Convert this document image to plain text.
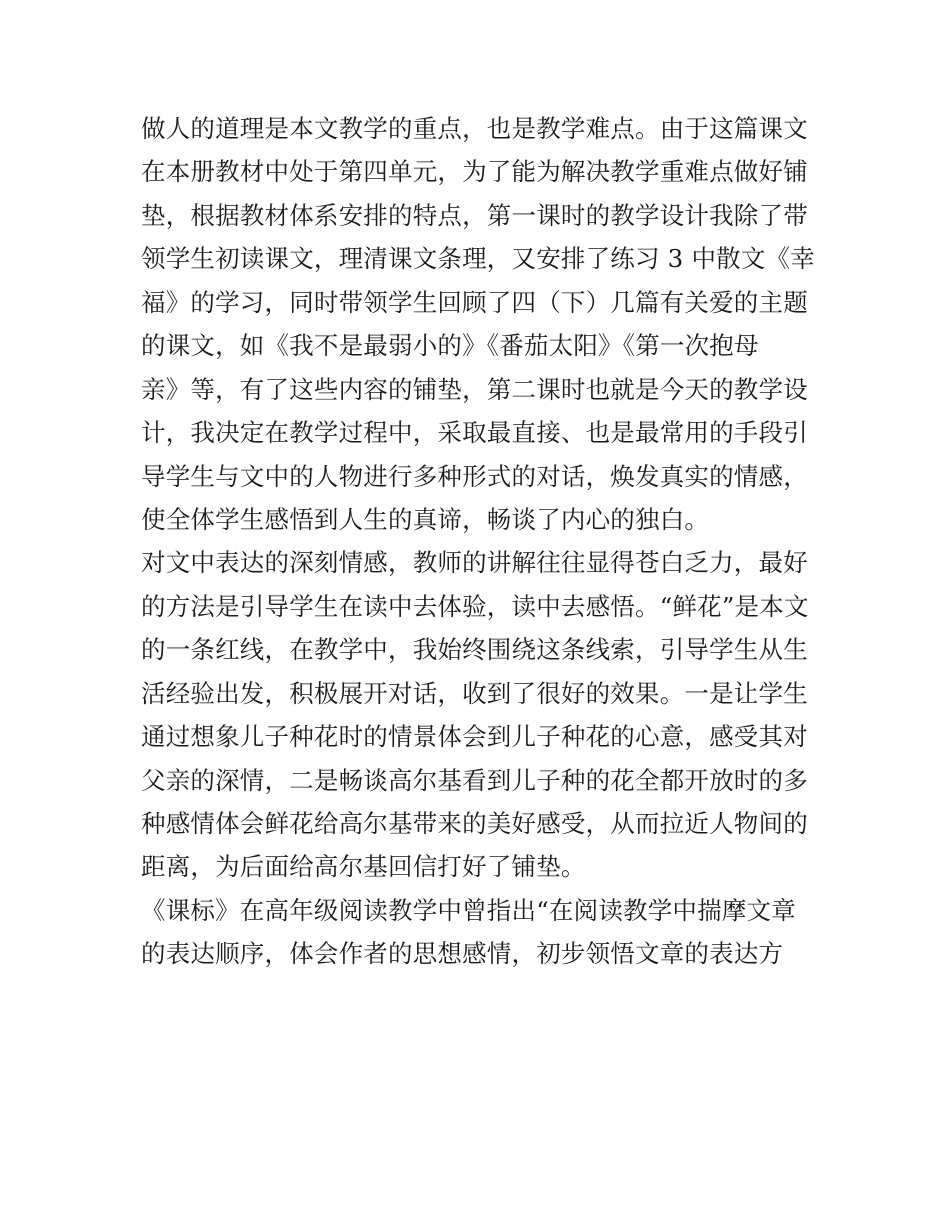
做人的道理是本文教学的重点，也是教学难点。由于这篇课文
在本册教材中处于第四单元，为了能为解决教学重难点做好铺
垫，根据教材体系安排的特点，第一课时的教学设计我除了带
领学生初读课文，理清课文条理，又安排了练习 3 中散文《幸
福》的学习，同时带领学生回顾了四（下）几篇有关爱的主题
的课文，如《我不是最弱小的》《番茄太阳》《第一次抱母
亲》等，有了这些内容的铺垫，第二课时也就是今天的教学设
计，我决定在教学过程中，采取最直接、也是最常用的手段引
导学生与文中的人物进行多种形式的对话，焕发真实的情感，
使全体学生感悟到人生的真谛，畅谈了内心的独白。
对文中表达的深刻情感，教师的讲解往往显得苍白乏力，最好
的方法是引导学生在读中去体验，读中去感悟。“鲜花”是本文
的一条红线，在教学中，我始终围绕这条线索，引导学生从生
活经验出发，积极展开对话，收到了很好的效果。一是让学生
通过想象儿子种花时的情景体会到儿子种花的心意，感受其对
父亲的深情，二是畅谈高尔基看到儿子种的花全都开放时的多
种感情体会鲜花给高尔基带来的美好感受，从而拉近人物间的
距离，为后面给高尔基回信打好了铺垫。
《课标》在高年级阅读教学中曾指出“在阅读教学中揣摩文章
的表达顺序，体会作者的思想感情，初步领悟文章的表达方
